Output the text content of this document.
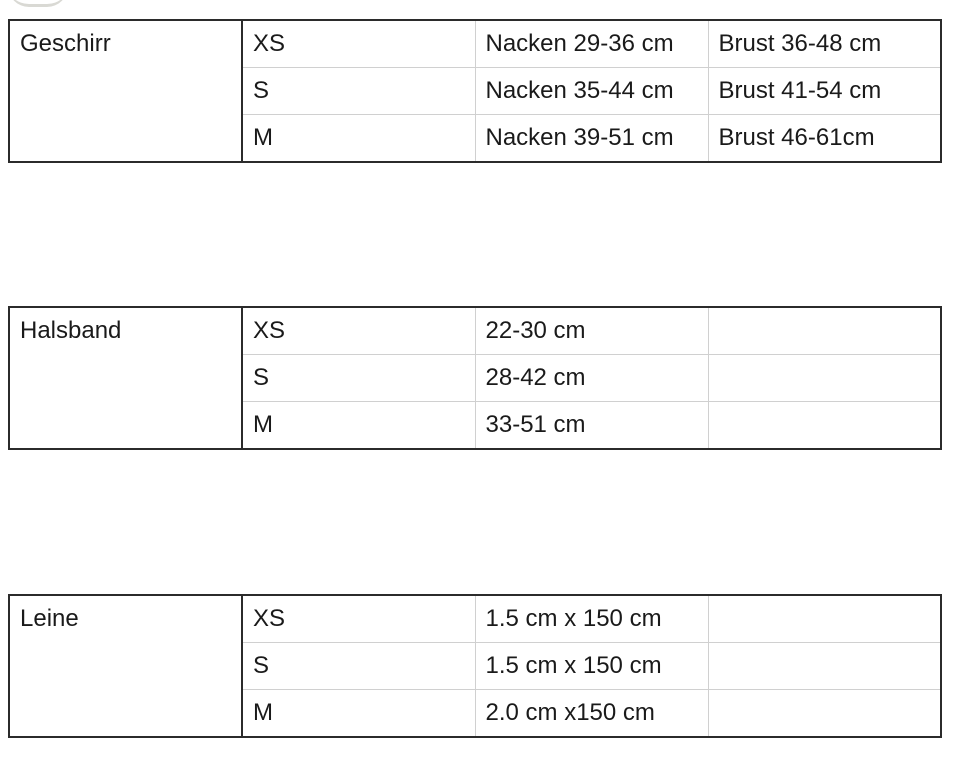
Geschirr	XS	Nacken 29-36 cm	Brust 36-48 cm
	S	Nacken 35-44 cm	Brust 41-54 cm
	M	Nacken 39-51 cm	Brust 46-61cm
Halsband	XS	22-30 cm	
	S	28-42 cm	
	M	33-51 cm	
Leine	XS	1.5 cm x 150 cm	
	S	1.5 cm x 150 cm	
	M	2.0 cm x150 cm	
